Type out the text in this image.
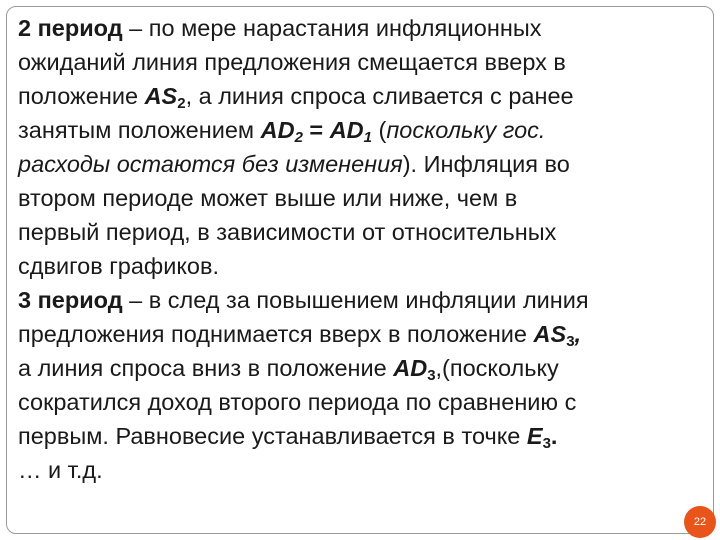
2 период – по мере нарастания инфляционных
ожиданий линия предложения смещается вверх в
положение $AS_2$, а линия спроса сливается с ранее
занятым положением $AD_2 = AD_1$ (поскольку гос.
расходы остаются без изменения). Инфляция во
втором периоде может выше или ниже, чем в
первый период, в зависимости от относительных
сдвигов графиков.
3 период – в след за повышением инфляции линия
предложения поднимается вверх в положение $AS_3$,
а линия спроса вниз в положение $AD_3,(поскольку$
сократился доход второго периода по сравнению с
первым. Равновесие устанавливается в точке $E_3$.
… и т.д.
22
